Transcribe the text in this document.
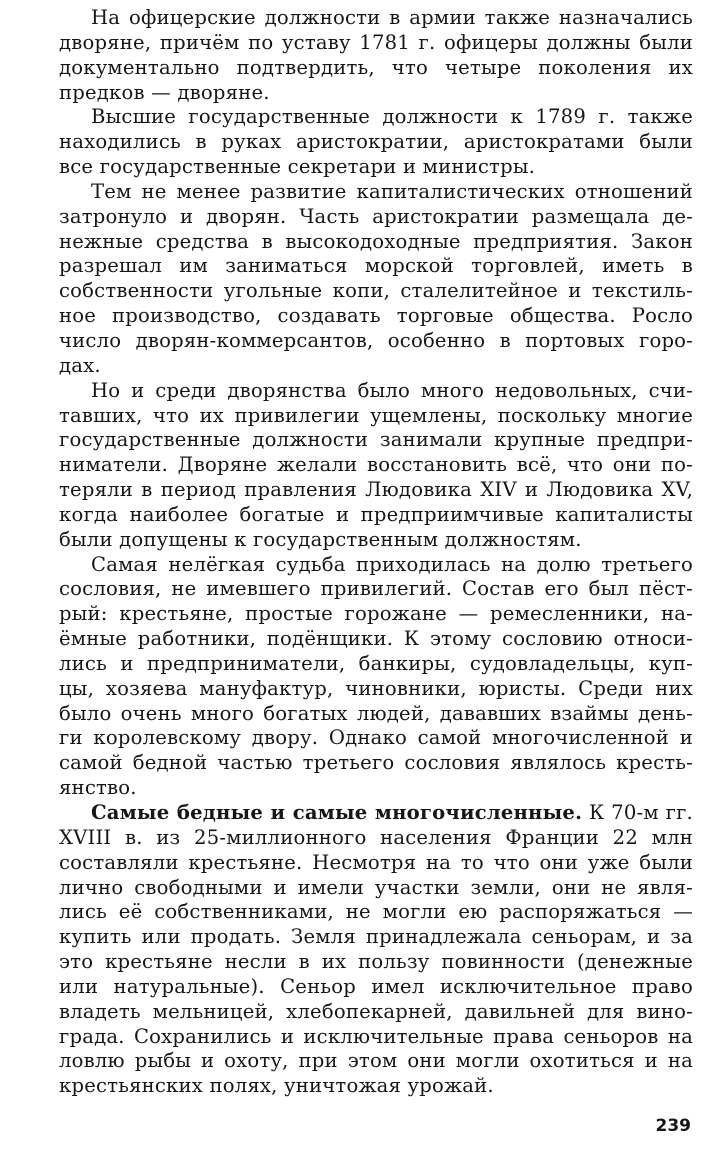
На офицерские должности в армии также назначались
дворяне, причём по уставу 1781 г. офицеры должны были
документально подтвердить, что четыре поколения их
предков — дворяне.

Высшие государственные должности к 1789 г. также
находились в руках аристократии, аристократами были
все государственные секретари и министры.

Тем не менее развитие капиталистических отношений
затронуло и дворян. Часть аристократии размещала де-
нежные средства в высокодоходные предприятия. Закон
разрешал им заниматься морской торговлей, иметь в
собственности угольные копи, сталелитейное и текстиль-
ное производство, создавать торговые общества. Росло
число дворян-коммерсантов, особенно в портовых горо-
дах.

Но и среди дворянства было много недовольных, счи-
тавших, что их привилегии ущемлены, поскольку многие
государственные должности занимали крупные предпри-
ниматели. Дворяне желали восстановить всё, что они по-
теряли в период правления Людовика XIV и Людовика XV,
когда наиболее богатые и предприимчивые капиталисты
были допущены к государственным должностям.

Самая нелёгкая судьба приходилась на долю третьего
сословия, не имевшего привилегий. Состав его был пёст-
рый: крестьяне, простые горожане — ремесленники, на-
ёмные работники, подёнщики. К этому сословию относи-
лись и предприниматели, банкиры, судовладельцы, куп-
цы, хозяева мануфактур, чиновники, юристы. Среди них
было очень много богатых людей, дававших взаймы день-
ги королевскому двору. Однако самой многочисленной и
самой бедной частью третьего сословия являлось кресть-
янство.

Самые бедные и самые многочисленные. К 70-м гг.
XVIII в. из 25-миллионного населения Франции 22 млн
составляли крестьяне. Несмотря на то что они уже были
лично свободными и имели участки земли, они не явля-
лись её собственниками, не могли ею распоряжаться —
купить или продать. Земля принадлежала сеньорам, и за
это крестьяне несли в их пользу повинности (денежные
или натуральные). Сеньор имел исключительное право
владеть мельницей, хлебопекарней, давильней для вино-
града. Сохранились и исключительные права сеньоров на
ловлю рыбы и охоту, при этом они могли охотиться и на
крестьянских полях, уничтожая урожай.

239
